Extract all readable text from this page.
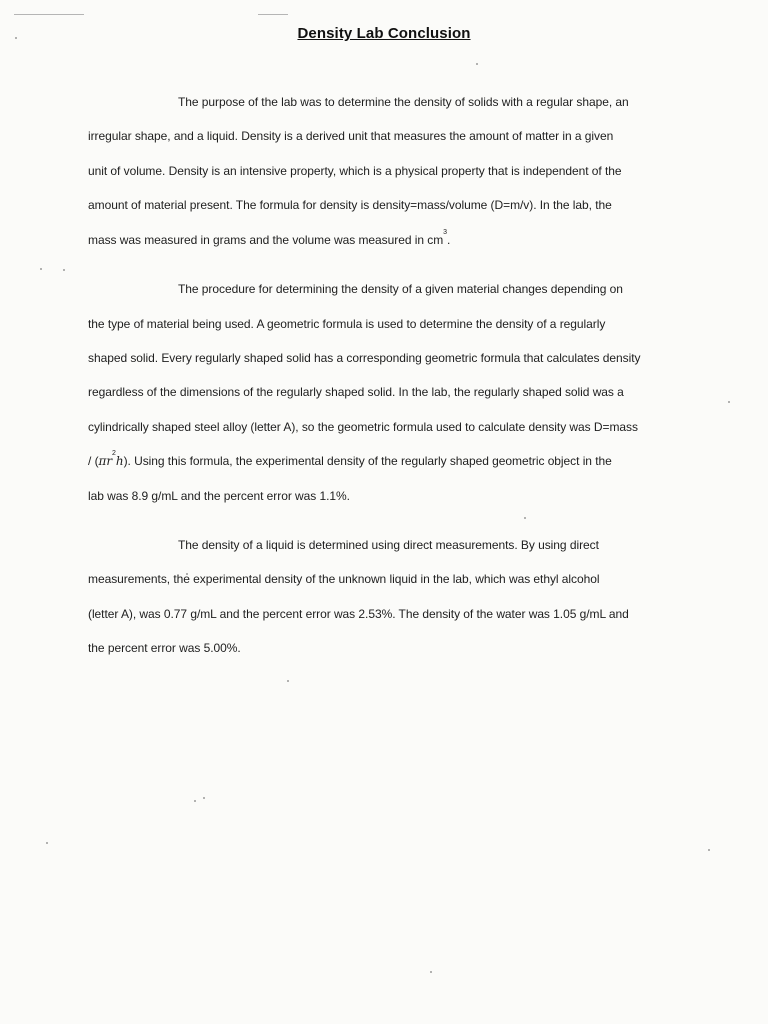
Density Lab Conclusion
The purpose of the lab was to determine the density of solids with a regular shape, an
irregular shape, and a liquid. Density is a derived unit that measures the amount of matter in a given
unit of volume. Density is an intensive property, which is a physical property that is independent of the
amount of material present. The formula for density is density=mass/volume (D=m/v). In the lab, the
mass was measured in grams and the volume was measured in $cm^3$.
The procedure for determining the density of a given material changes depending on
the type of material being used. A geometric formula is used to determine the density of a regularly
shaped solid. Every regularly shaped solid has a corresponding geometric formula that calculates density
regardless of the dimensions of the regularly shaped solid. In the lab, the regularly shaped solid was a
cylindrically shaped steel alloy (letter A), so the geometric formula used to calculate density was D=mass
/ $(\pi r^2h)$. Using this formula, the experimental density of the regularly shaped geometric object in the
lab was 8.9 g/mL and the percent error was 1.1%.
The density of a liquid is determined using direct measurements. By using direct
measurements, the experimental density of the unknown liquid in the lab, which was ethyl alcohol
(letter A), was 0.77 g/mL and the percent error was 2.53%. The density of the water was 1.05 g/mL and
the percent error was 5.00%.
